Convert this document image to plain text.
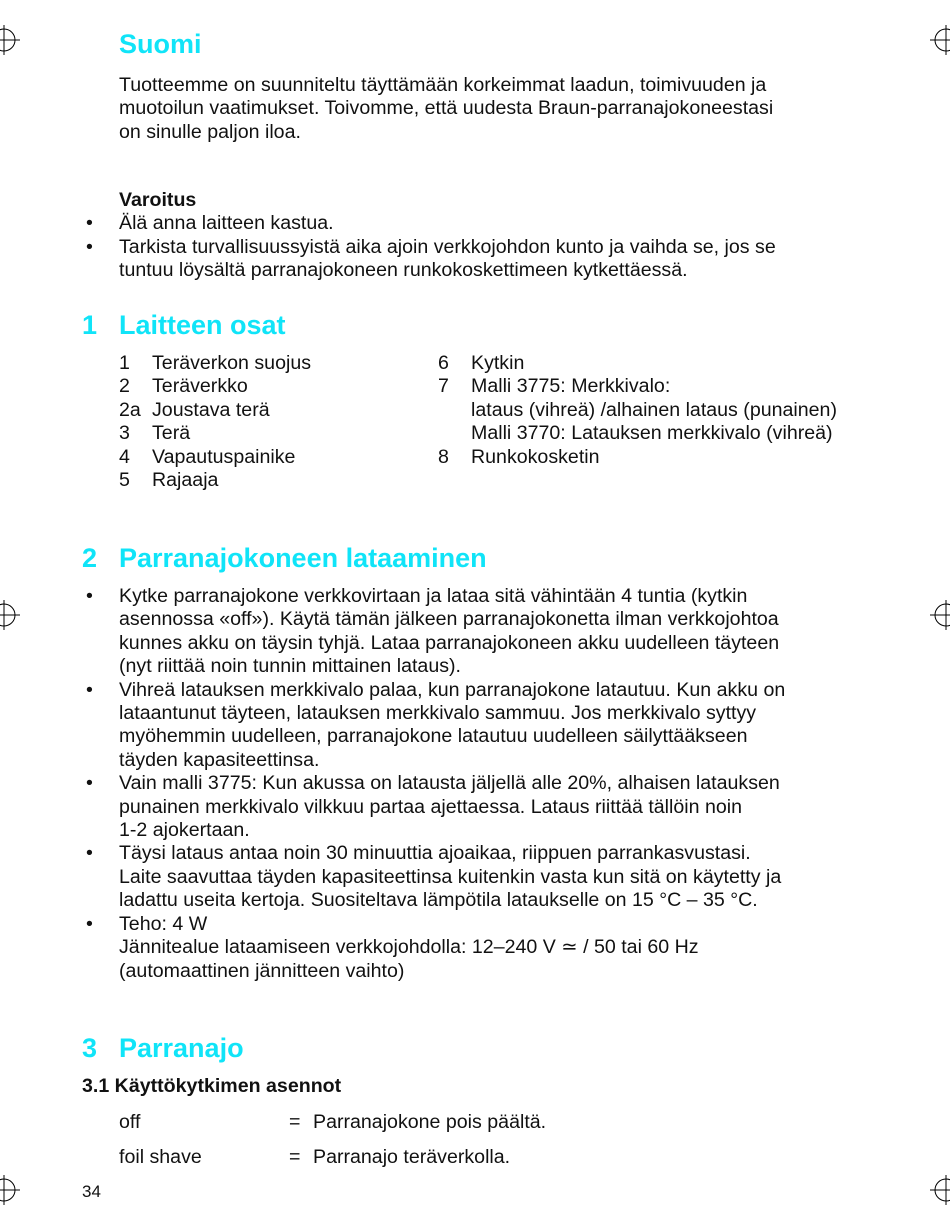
Suomi
Tuotteemme on suunniteltu täyttämään korkeimmat laadun, toimivuuden ja
muotoilun vaatimukset. Toivomme, että uudesta Braun-parranajokoneestasi
on sinulle paljon iloa.
Varoitus
• Älä anna laitteen kastua.
• Tarkista turvallisuussyistä aika ajoin verkkojohdon kunto ja vaihda se, jos se
tuntuu löysältä parranajokoneen runkokoskettimeen kytkettäessä.
1 Laitteen osat
1	Teräverkon suojus
2	Teräverkko
2a Joustava terä
3	Terä
4	Vapautuspainike
5	Rajaaja
6	Kytkin
7	Malli 3775: Merkkivalo:
lataus (vihreä) /alhainen lataus (punainen)
Malli 3770: Latauksen merkkivalo (vihreä)
8	Runkokosketin
2 Parranajokoneen lataaminen
• Kytke parranajokone verkkovirtaan ja lataa sitä vähintään 4 tuntia (kytkin
asennossa «off»). Käytä tämän jälkeen parranajokonetta ilman verkkojohtoa
kunnes akku on täysin tyhjä. Lataa parranajokoneen akku uudelleen täyteen
(nyt riittää noin tunnin mittainen lataus).
• Vihreä latauksen merkkivalo palaa, kun parranajokone latautuu. Kun akku on
lataantunut täyteen, latauksen merkkivalo sammuu. Jos merkkivalo syttyy
myöhemmin uudelleen, parranajokone latautuu uudelleen säilyttääkseen
täyden kapasiteettinsa.
• Vain malli 3775: Kun akussa on latausta jäljellä alle 20%, alhaisen latauksen
punainen merkkivalo vilkkuu partaa ajettaessa. Lataus riittää tällöin noin
1-2 ajokertaan.
• Täysi lataus antaa noin 30 minuuttia ajoaikaa, riippuen parrankasvustasi.
Laite saavuttaa täyden kapasiteettinsa kuitenkin vasta kun sitä on käytetty ja
ladattu useita kertoja. Suositeltava lämpötila lataukselle on 15 °C – 35 °C.
• Teho: 4 W
Jännitealue lataamiseen verkkojohdolla: 12–240 V ≃ / 50 tai 60 Hz
(automaattinen jännitteen vaihto)
3 Parranajo
3.1 Käyttökytkimen asennot
off	= Parranajokone pois päältä.
foil shave	= Parranajo teräverkolla.
34
